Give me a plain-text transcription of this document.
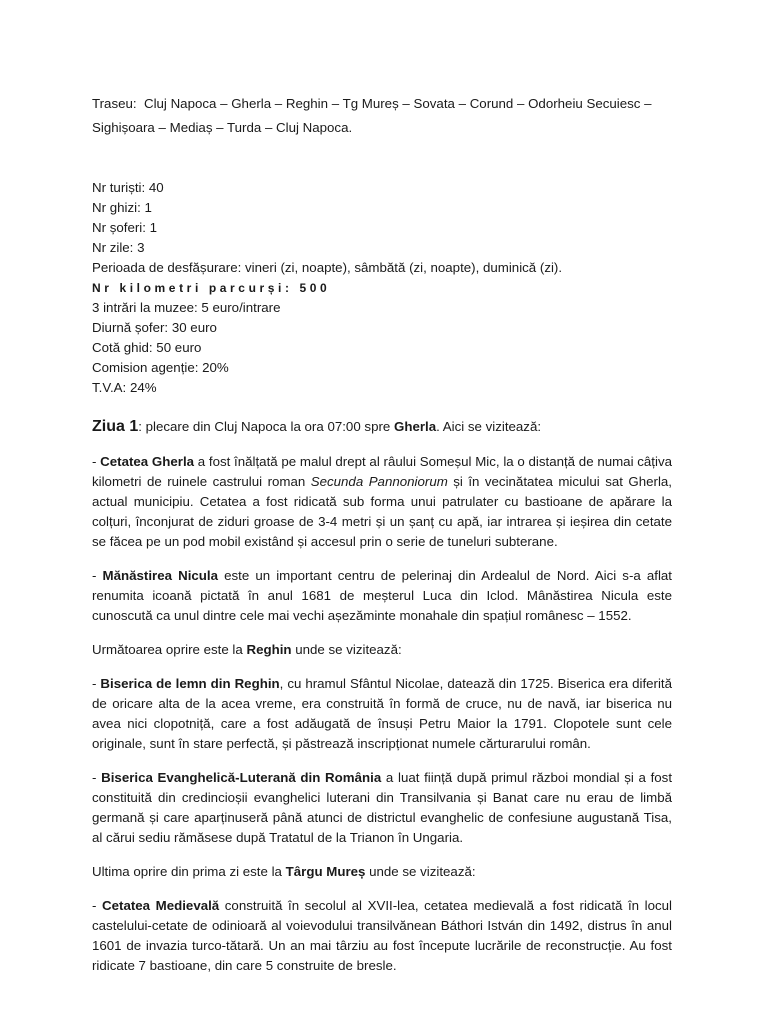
Traseu: Cluj Napoca – Gherla – Reghin – Tg Mureș – Sovata – Corund – Odorheiu Secuiesc – Sighișoara – Mediaș – Turda – Cluj Napoca.

Nr turiști: 40
Nr ghizi: 1
Nr șoferi: 1
Nr zile: 3
Perioada de desfășurare: vineri (zi, noapte), sâmbătă (zi, noapte), duminică (zi).
Nr kilometri parcurși: 500
3 intrări la muzee: 5 euro/intrare
Diurnă șofer: 30 euro
Cotă ghid: 50 euro
Comision agenție: 20%
T.V.A: 24%

Ziua 1: plecare din Cluj Napoca la ora 07:00 spre Gherla. Aici se vizitează:

- Cetatea Gherla a fost înălțată pe malul drept al râului Someșul Mic, la o distanță de numai câțiva kilometri de ruinele castrului roman Secunda Pannoniorum și în vecinătatea micului sat Gherla, actual municipiu. Cetatea a fost ridicată sub forma unui patrulater cu bastioane de apărare la colțuri, înconjurat de ziduri groase de 3-4 metri și un șanț cu apă, iar intrarea și ieșirea din cetate se făcea pe un pod mobil existând și accesul prin o serie de tuneluri subterane.

- Mănăstirea Nicula este un important centru de pelerinaj din Ardealul de Nord. Aici s-a aflat renumita icoană pictată în anul 1681 de meșterul Luca din Iclod. Mânăstirea Nicula este cunoscută ca unul dintre cele mai vechi așezăminte monahale din spațiul românesc – 1552.

Următoarea oprire este la Reghin unde se vizitează:

- Biserica de lemn din Reghin, cu hramul Sfântul Nicolae, datează din 1725. Biserica era diferită de oricare alta de la acea vreme, era construită în formă de cruce, nu de navă, iar biserica nu avea nici clopotniță, care a fost adăugată de însuși Petru Maior la 1791. Clopotele sunt cele originale, sunt în stare perfectă, și păstrează inscripționat numele cărturarului român.

- Biserica Evanghelică-Luterană din România a luat ființă după primul război mondial și a fost constituită din credincioșii evanghelici luterani din Transilvania și Banat care nu erau de limbă germană și care aparținuseră până atunci de districtul evanghelic de confesiune augustană Tisa, al cărui sediu rămăsese după Tratatul de la Trianon în Ungaria.

Ultima oprire din prima zi este la Târgu Mureș unde se vizitează:

- Cetatea Medievală construită în secolul al XVII-lea, cetatea medievală a fost ridicată în locul castelului-cetate de odinioară al voievodului transilvănean Báthori István din 1492, distrus în anul 1601 de invazia turco-tătară. Un an mai târziu au fost începute lucrările de reconstrucție. Au fost ridicate 7 bastioane, din care 5 construite de bresle.
